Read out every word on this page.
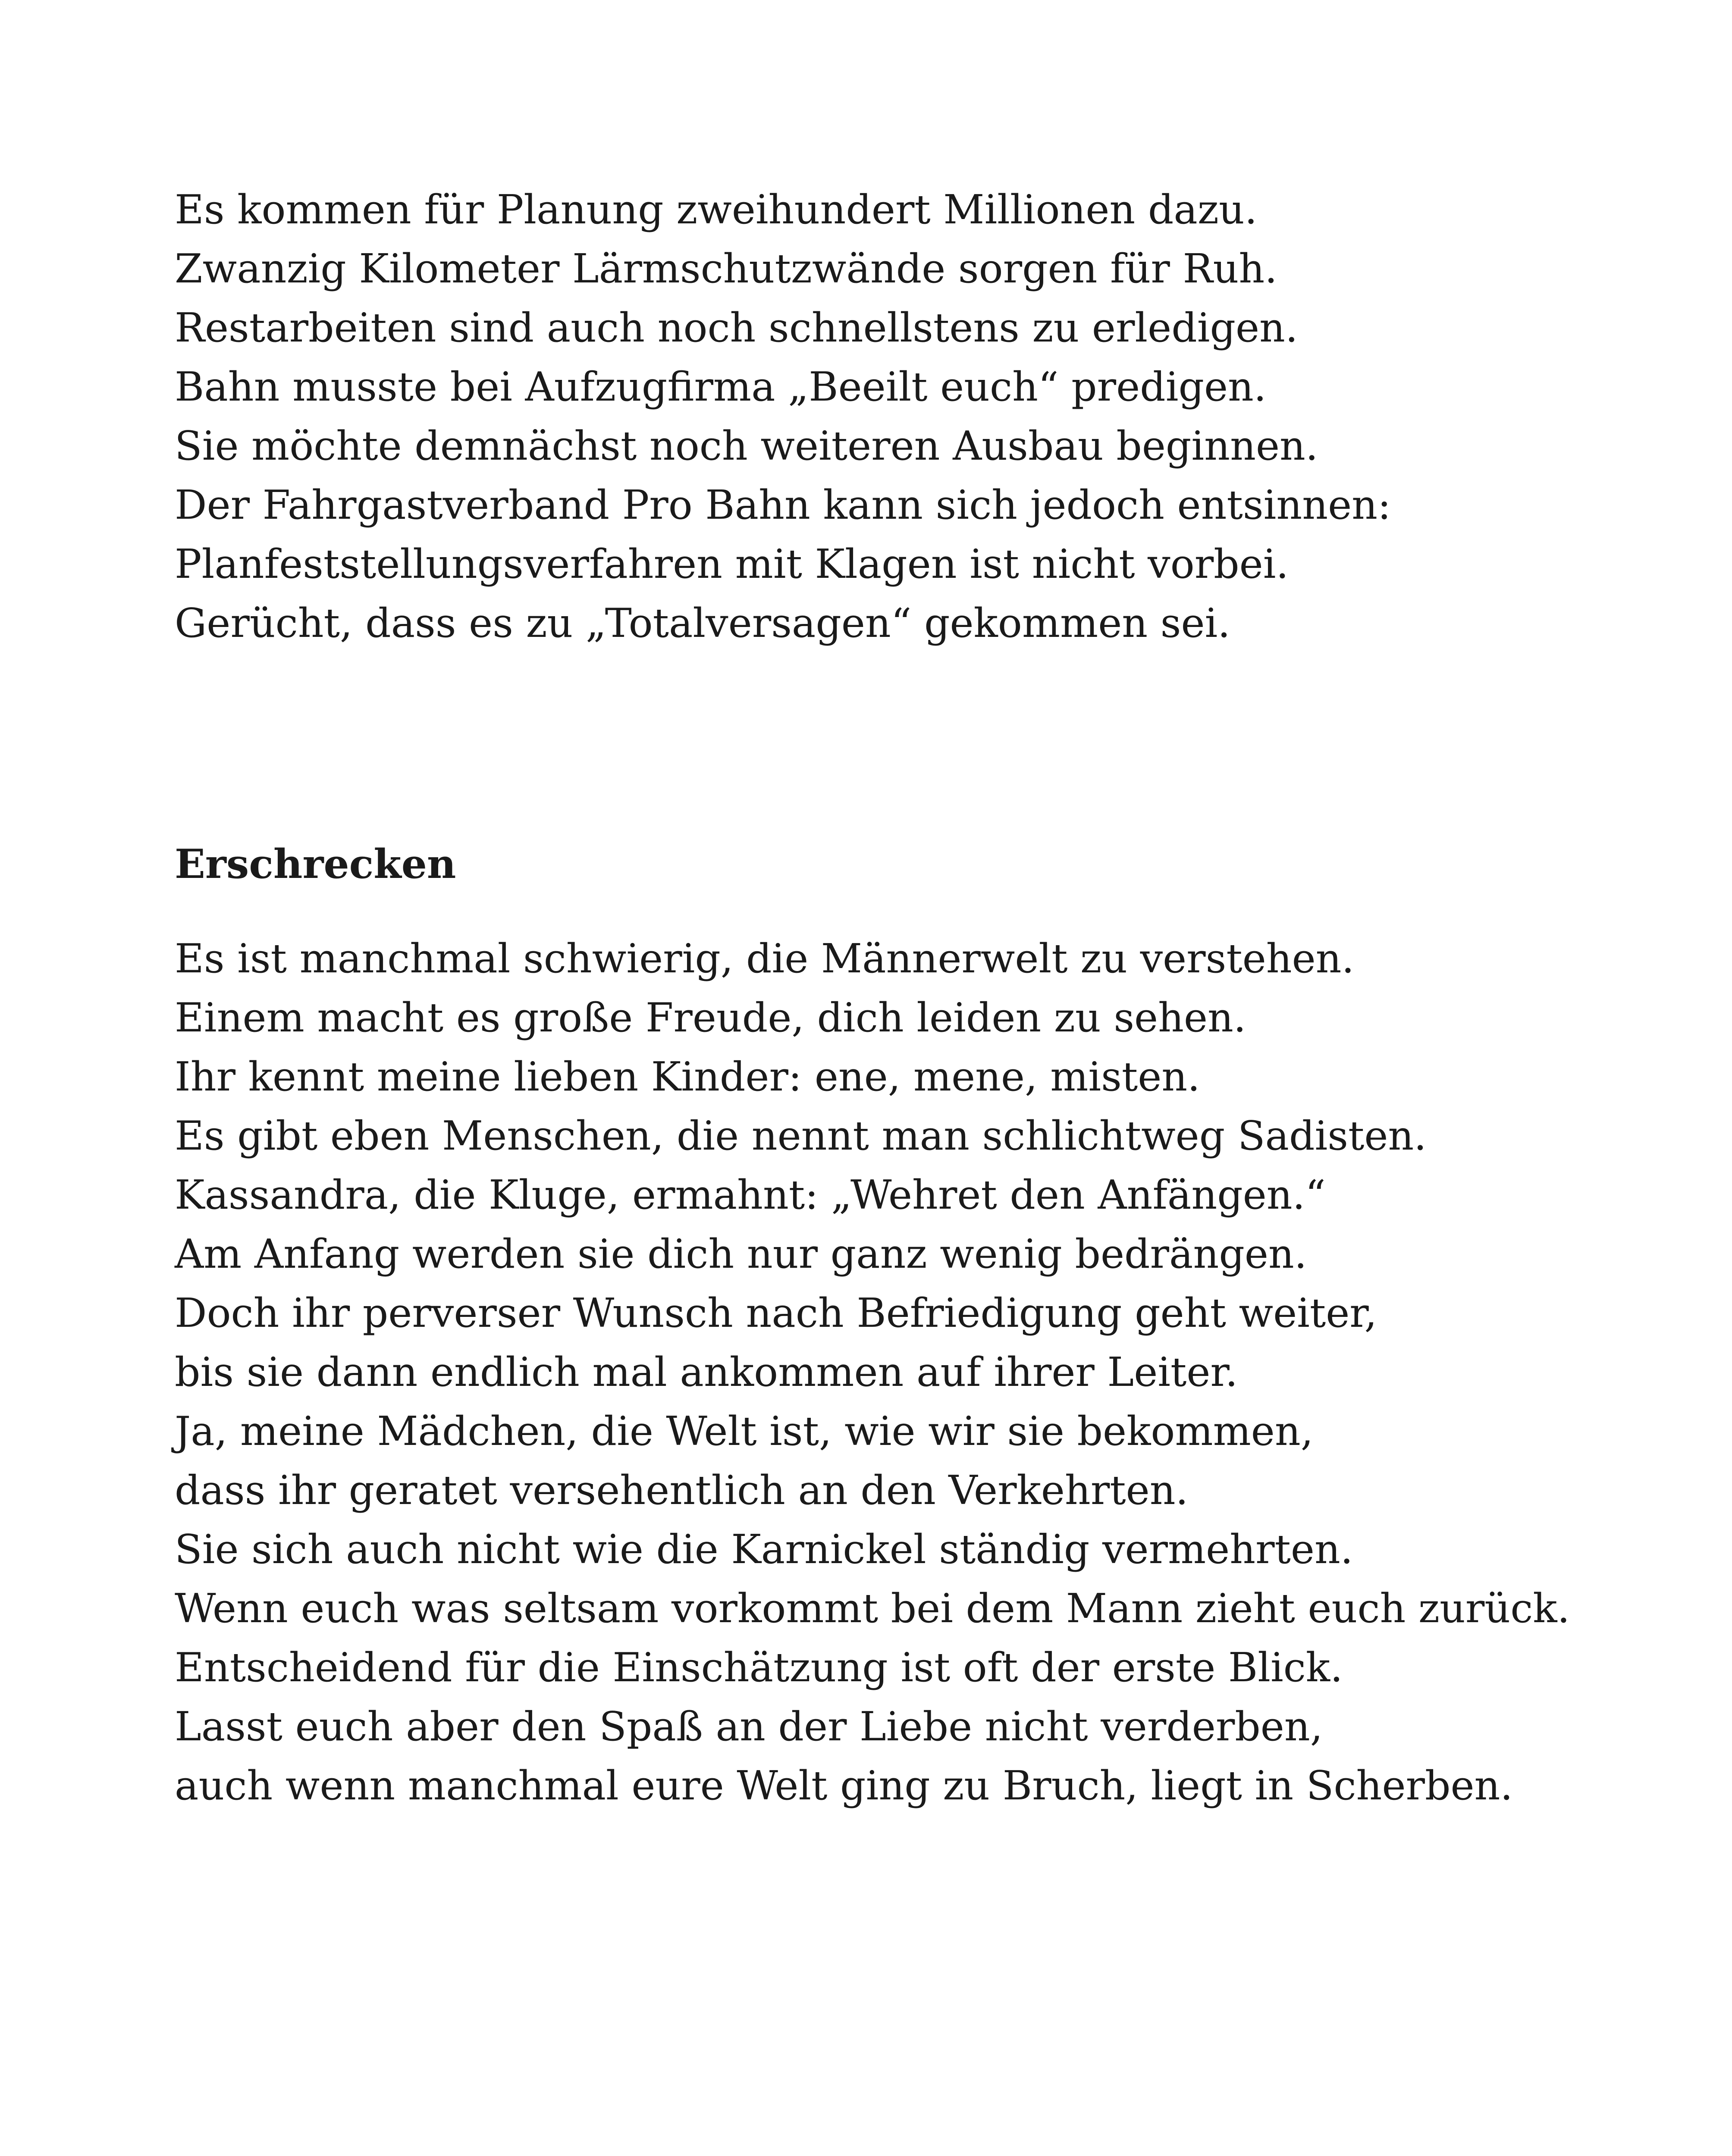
Es kommen für Planung zweihundert Millionen dazu.
Zwanzig Kilometer Lärmschutzwände sorgen für Ruh.
Restarbeiten sind auch noch schnellstens zu erledigen.
Bahn musste bei Aufzugfirma „Beeilt euch“ predigen.
Sie möchte demnächst noch weiteren Ausbau beginnen.
Der Fahrgastverband Pro Bahn kann sich jedoch entsinnen:
Planfeststellungsverfahren mit Klagen ist nicht vorbei.
Gerücht, dass es zu „Totalversagen“ gekommen sei.
Erschrecken
Es ist manchmal schwierig, die Männerwelt zu verstehen.
Einem macht es große Freude, dich leiden zu sehen.
Ihr kennt meine lieben Kinder: ene, mene, misten.
Es gibt eben Menschen, die nennt man schlichtweg Sadisten.
Kassandra, die Kluge, ermahnt: „Wehret den Anfängen.“
Am Anfang werden sie dich nur ganz wenig bedrängen.
Doch ihr perverser Wunsch nach Befriedigung geht weiter,
bis sie dann endlich mal ankommen auf ihrer Leiter.
Ja, meine Mädchen, die Welt ist, wie wir sie bekommen,
dass ihr geratet versehentlich an den Verkehrten.
Sie sich auch nicht wie die Karnickel ständig vermehrten.
Wenn euch was seltsam vorkommt bei dem Mann zieht euch zurück.
Entscheidend für die Einschätzung ist oft der erste Blick.
Lasst euch aber den Spaß an der Liebe nicht verderben,
auch wenn manchmal eure Welt ging zu Bruch, liegt in Scherben.
